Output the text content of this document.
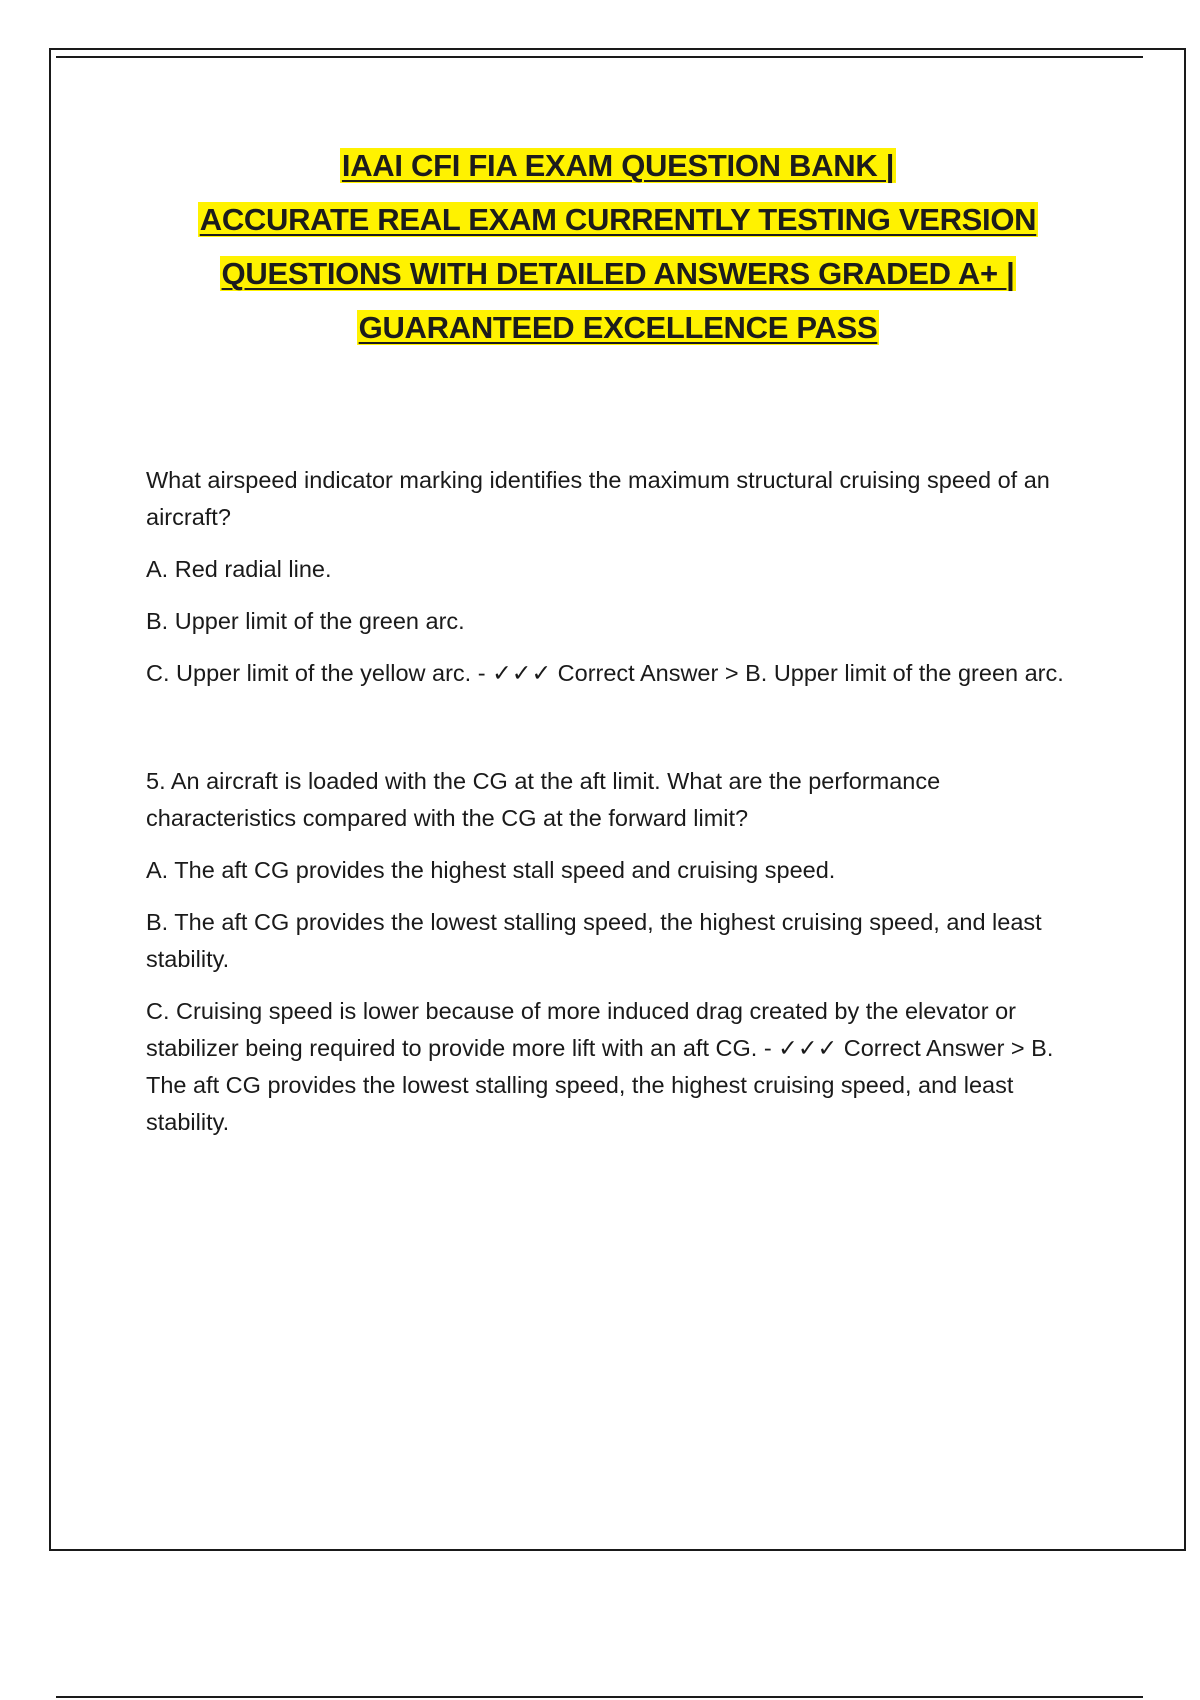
IAAI CFI FIA EXAM QUESTION BANK |

ACCURATE REAL EXAM CURRENTLY TESTING VERSION

QUESTIONS WITH DETAILED ANSWERS GRADED A+ |

GUARANTEED EXCELLENCE PASS

What airspeed indicator marking identifies the maximum structural cruising speed of an aircraft?

A. Red radial line.

B. Upper limit of the green arc.

C. Upper limit of the yellow arc. - ✓✓✓ Correct Answer > B. Upper limit of the green arc.

5. An aircraft is loaded with the CG at the aft limit. What are the performance characteristics compared with the CG at the forward limit?

A. The aft CG provides the highest stall speed and cruising speed.

B. The aft CG provides the lowest stalling speed, the highest cruising speed, and least stability.

C. Cruising speed is lower because of more induced drag created by the elevator or stabilizer being required to provide more lift with an aft CG. - ✓✓✓ Correct Answer > B. The aft CG provides the lowest stalling speed, the highest cruising speed, and least stability.
